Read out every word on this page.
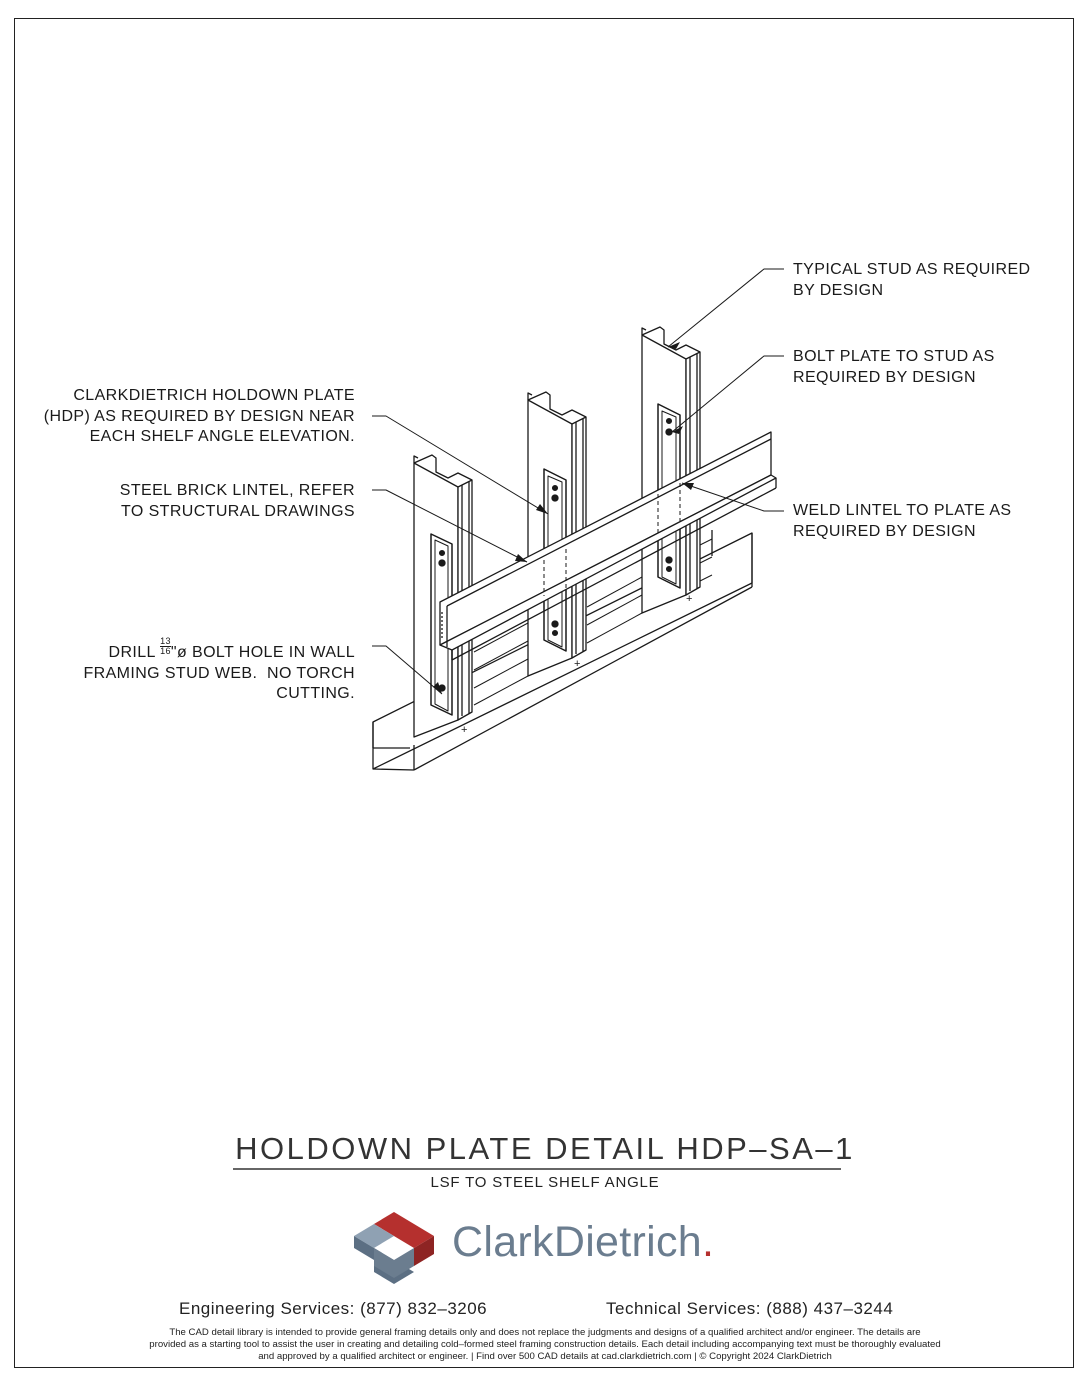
+
+
+
TYPICAL STUD AS REQUIRED
BY DESIGN
BOLT PLATE TO STUD AS
REQUIRED BY DESIGN
CLARKDIETRICH HOLDOWN PLATE
(HDP) AS REQUIRED BY DESIGN NEAR
EACH SHELF ANGLE ELEVATION.
STEEL BRICK LINTEL, REFER
TO STRUCTURAL DRAWINGS	WELD LINTEL TO PLATE AS
REQUIRED BY DESIGN
DRILL $\frac{13}{16}$ "ø BOLT HOLE IN WALL
FRAMING STUD WEB.  NO TORCH
CUTTING.
HOLDOWN PLATE DETAIL HDP–SA–1
LSF TO STEEL SHELF ANGLE
ClarkDietrich.
Engineering Services: (877) 832–3206	Technical Services: (888) 437–3244
The CAD detail library is intended to provide general framing details only and does not replace the judgments and designs of a qualified architect and/or engineer. The details are
provided as a starting tool to assist the user in creating and detailing cold–formed steel framing construction details. Each detail including accompanying text must be thoroughly evaluated
and approved by a qualified architect or engineer. | Find over 500 CAD details at cad.clarkdietrich.com | © Copyright 2024 ClarkDietrich
